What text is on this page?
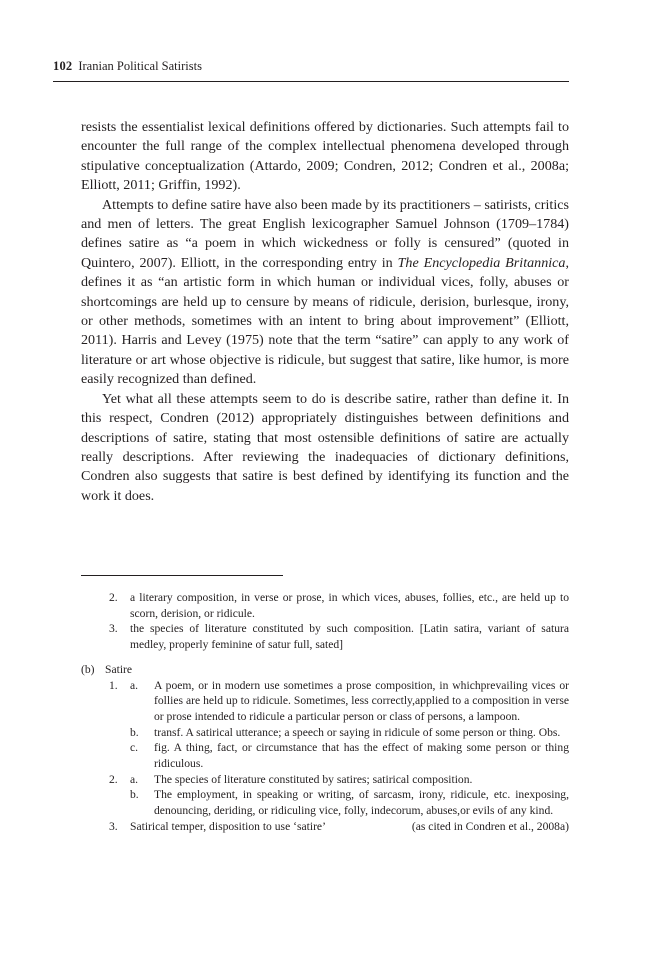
102 Iranian Political Satirists

resists the essentialist lexical definitions offered by dictionaries. Such attempts fail to encounter the full range of the complex intellectual phenomena developed through stipulative conceptualization (Attardo, 2009; Condren, 2012; Condren et al., 2008a; Elliott, 2011; Griffin, 1992).

Attempts to define satire have also been made by its practitioners – satirists, critics and men of letters. The great English lexicographer Samuel Johnson (1709–1784) defines satire as “a poem in which wickedness or folly is censured” (quoted in Quintero, 2007). Elliott, in the corresponding entry in The Encyclopedia Britannica, defines it as “an artistic form in which human or individual vices, folly, abuses or shortcomings are held up to censure by means of ridicule, derision, burlesque, irony, or other methods, sometimes with an intent to bring about improvement” (Elliott, 2011). Harris and Levey (1975) note that the term “satire” can apply to any work of literature or art whose objective is ridicule, but suggest that satire, like humor, is more easily recognized than defined.

Yet what all these attempts seem to do is describe satire, rather than define it. In this respect, Condren (2012) appropriately distinguishes between definitions and descriptions of satire, stating that most ostensible definitions of satire are actually really descriptions. After reviewing the inadequacies of dictionary definitions, Condren also suggests that satire is best defined by identifying its function and the work it does.

2. a literary composition, in verse or prose, in which vices, abuses, follies, etc., are held up to scorn, derision, or ridicule.
3. the species of literature constituted by such composition. [Latin satira, variant of satura medley, properly feminine of satur full, sated]
(b) Satire
1. a. A poem, or in modern use sometimes a prose composition, in whichprevailing vices or follies are held up to ridicule. Sometimes, less correctly,applied to a composition in verse or prose intended to ridicule a particular person or class of persons, a lampoon.
b. transf. A satirical utterance; a speech or saying in ridicule of some person or thing. Obs.
c. fig. A thing, fact, or circumstance that has the effect of making some person or thing ridiculous.
2. a. The species of literature constituted by satires; satirical composition.
b. The employment, in speaking or writing, of sarcasm, irony, ridicule, etc. inexposing, denouncing, deriding, or ridiculing vice, folly, indecorum, abuses,or evils of any kind.
3. Satirical temper, disposition to use ‘satire’	(as cited in Condren et al., 2008a)
